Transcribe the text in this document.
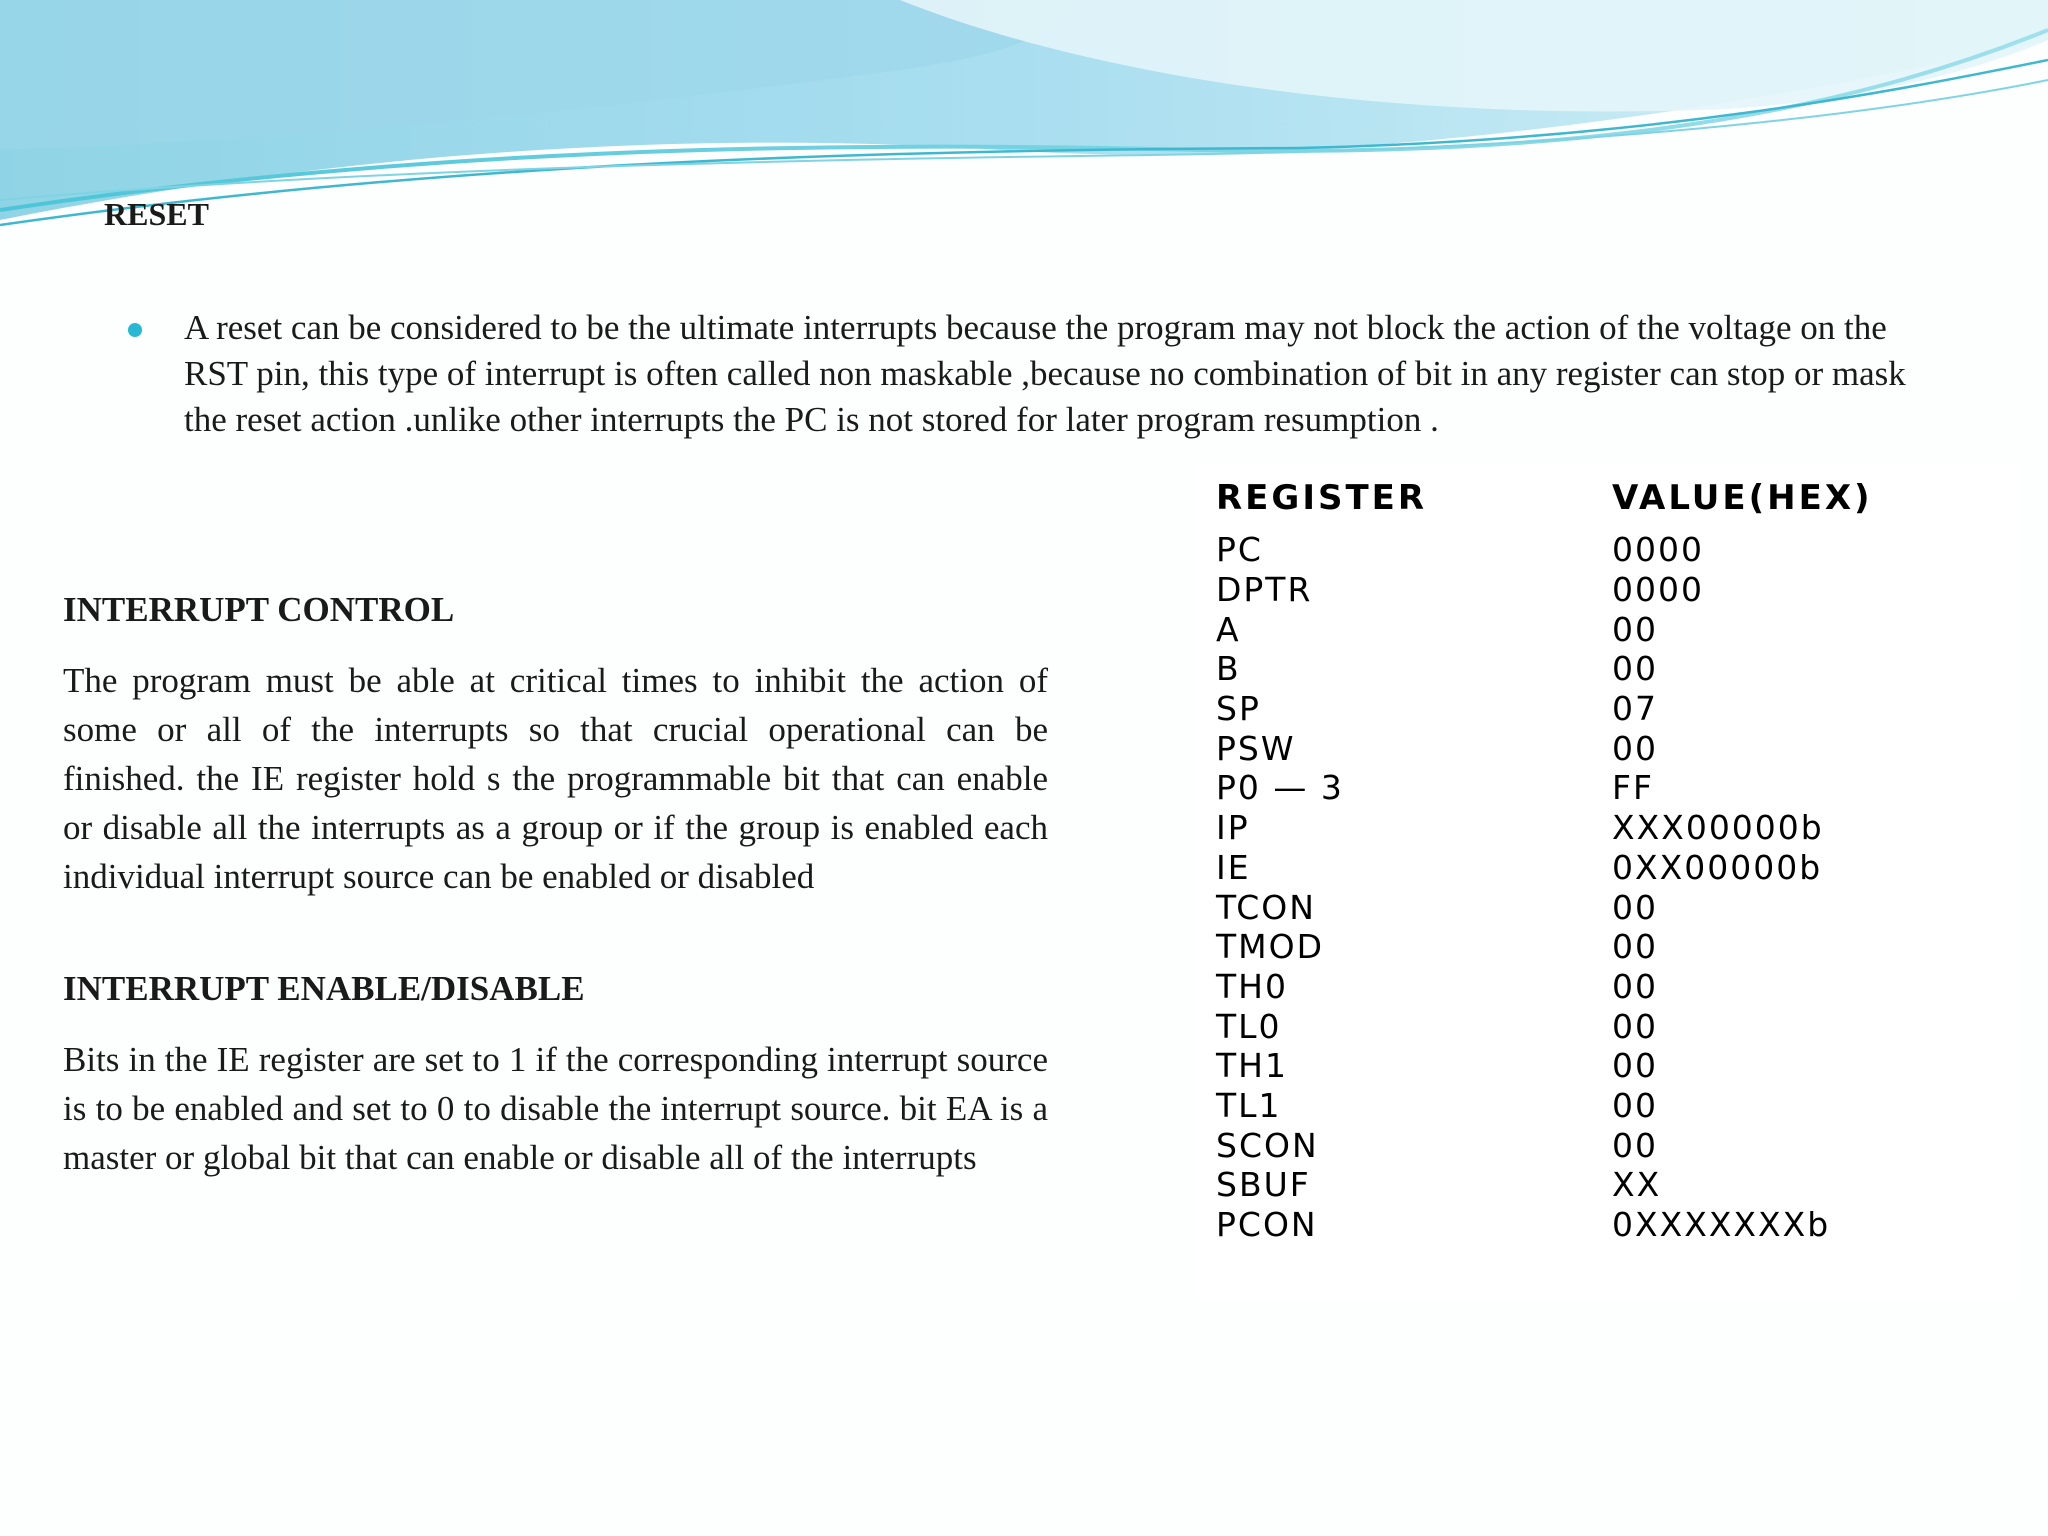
RESET

A reset can be considered to be the ultimate interrupts because the program may not block the action of the voltage on the RST pin, this type of interrupt is often called non maskable ,because no combination of bit in any register can stop or mask the reset action .unlike other interrupts the PC is not stored for later program resumption .

INTERRUPT CONTROL

The program must be able at critical times to inhibit the action of some or all of the interrupts so that crucial operational can be finished. the IE register hold s the programmable bit that can enable or disable all the interrupts as a group or if the group is enabled each individual interrupt source can be enabled or disabled

INTERRUPT ENABLE/DISABLE

Bits in the IE register are set to 1 if the corresponding interrupt source is to be enabled and set to 0 to disable the interrupt source. bit EA is a master or global bit that can enable or disable all of the interrupts

REGISTER	VALUE(HEX)
PC	0000
DPTR	0000
A	00
B	00
SP	07
PSW	00
P0 — 3	FF
IP	XXX00000b
IE	0XX00000b
TCON	00
TMOD	00
TH0	00
TL0	00
TH1	00
TL1	00
SCON	00
SBUF	XX
PCON	0XXXXXXXb
